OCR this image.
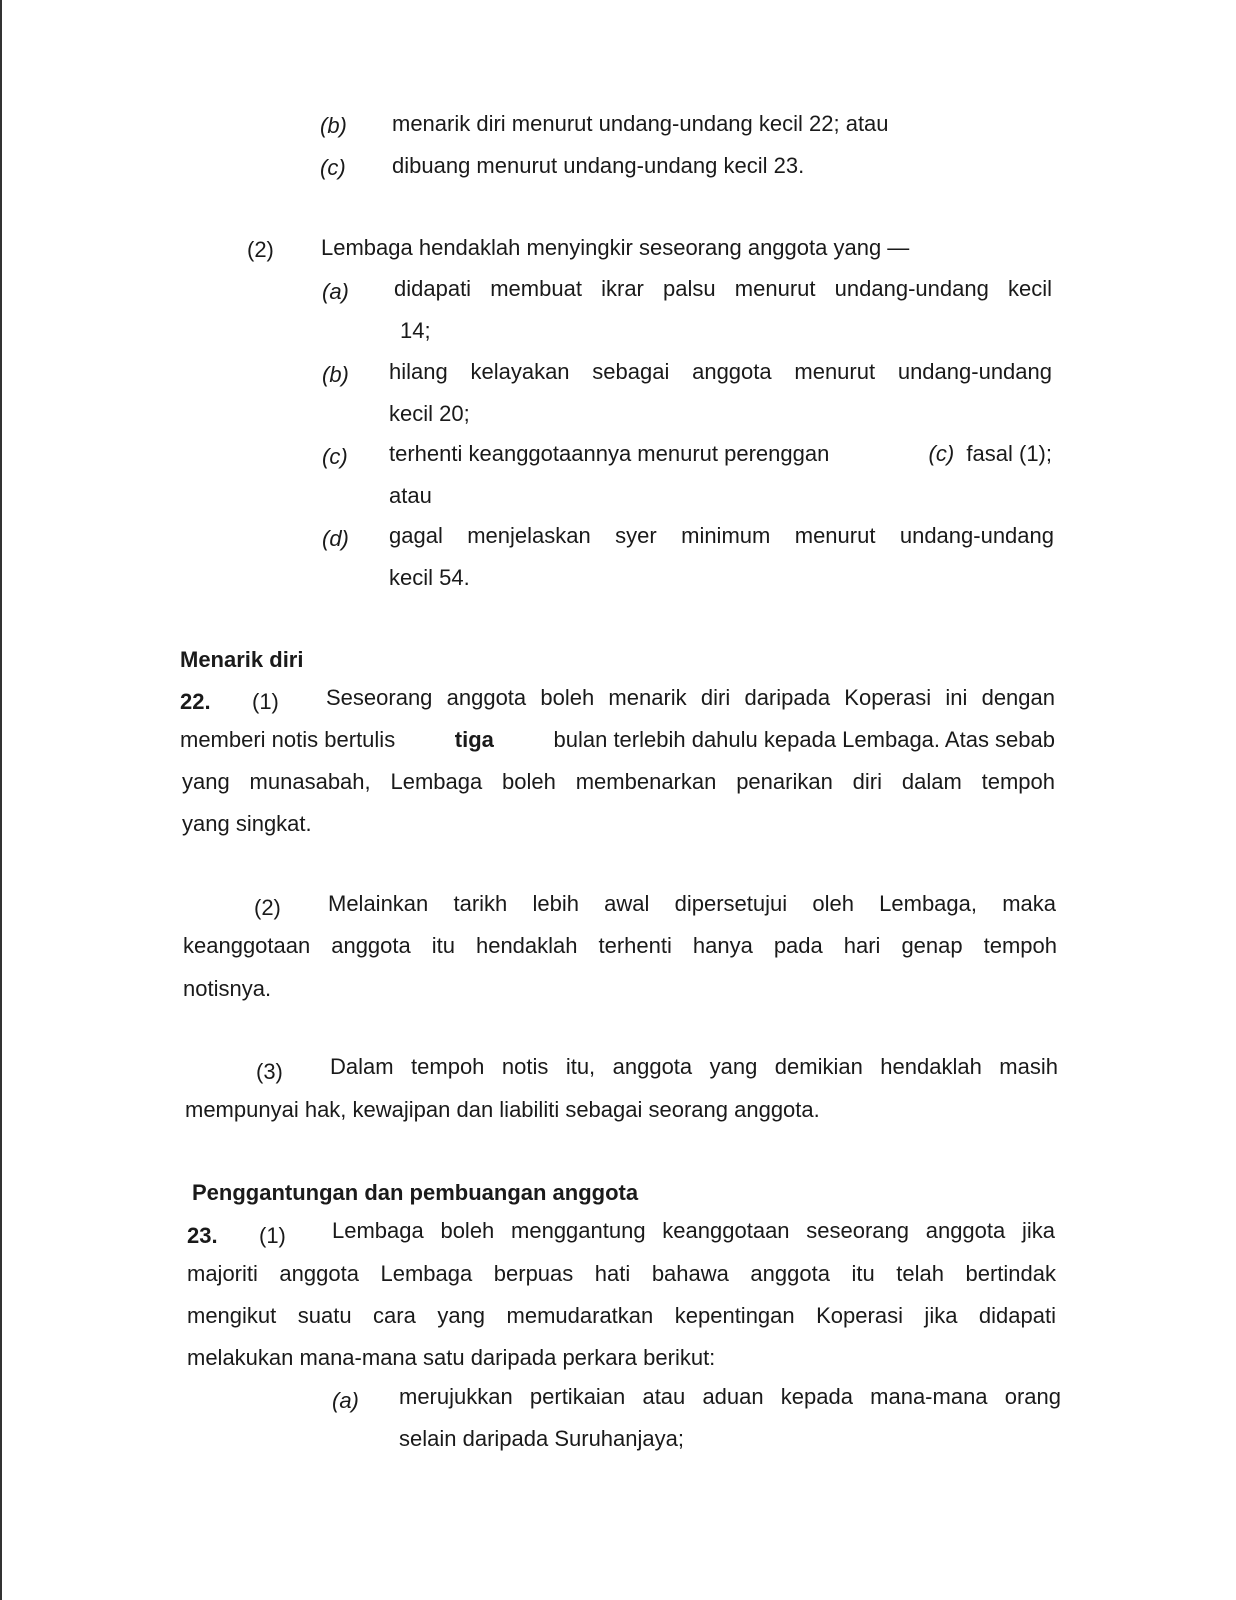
(b) menarik diri menurut undang-undang kecil 22; atau
(c) dibuang menurut undang-undang kecil 23.
(2) Lembaga hendaklah menyingkir seseorang anggota yang —
(a) didapati membuat ikrar palsu menurut undang-undang kecil
14;
(b) hilang kelayakan sebagai anggota menurut undang-undang
kecil 20;
(c) terhenti keanggotaannya menurut perenggan	(c) fasal (1);
atau
(d) gagal menjelaskan syer minimum menurut undang-undang
kecil 54.
Menarik diri
22. (1) Seseorang anggota boleh menarik diri daripada Koperasi ini dengan
memberi notis bertulis	tiga	bulan terlebih dahulu kepada Lembaga. Atas sebab
yang munasabah, Lembaga boleh membenarkan penarikan diri dalam tempoh
yang singkat.
(2) Melainkan tarikh lebih awal dipersetujui oleh Lembaga, maka
keanggotaan anggota itu hendaklah terhenti hanya pada hari genap tempoh
notisnya.
(3) Dalam tempoh notis itu, anggota yang demikian hendaklah masih
mempunyai hak, kewajipan dan liabiliti sebagai seorang anggota.
Penggantungan dan pembuangan anggota
23. (1) Lembaga boleh menggantung keanggotaan seseorang anggota jika
majoriti anggota Lembaga berpuas hati bahawa anggota itu telah bertindak
mengikut suatu cara yang memudaratkan kepentingan Koperasi jika didapati
melakukan mana-mana satu daripada perkara berikut:
(a) merujukkan pertikaian atau aduan kepada mana-mana orang
selain daripada Suruhanjaya;
